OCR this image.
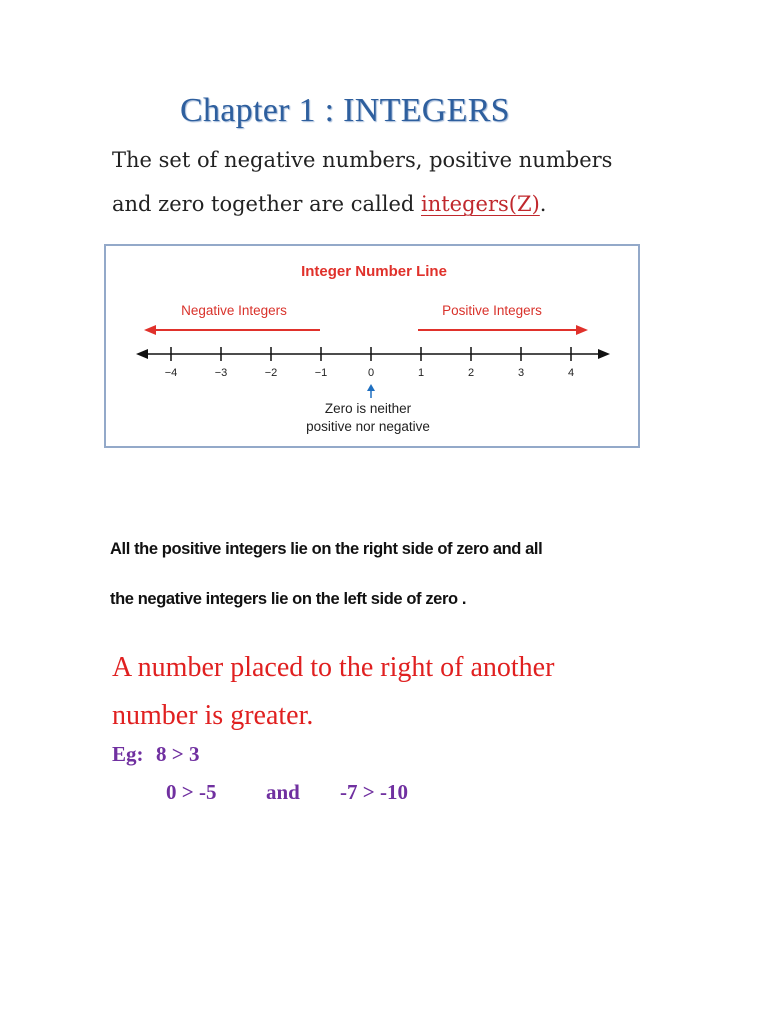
Chapter 1 : INTEGERS
The set of negative numbers, positive numbers
and zero together are called integers(Z).
Integer Number Line
Negative Integers	Positive Integers
−4	−3	−2	−1	0	1	2	3	4
Zero is neither
positive nor negative
All the positive integers lie on the right side of zero and all
the negative integers lie on the left side of zero .
A number placed to the right of another
number is greater.
Eg: 8 > 3
0 > -5 and -7 > -10
